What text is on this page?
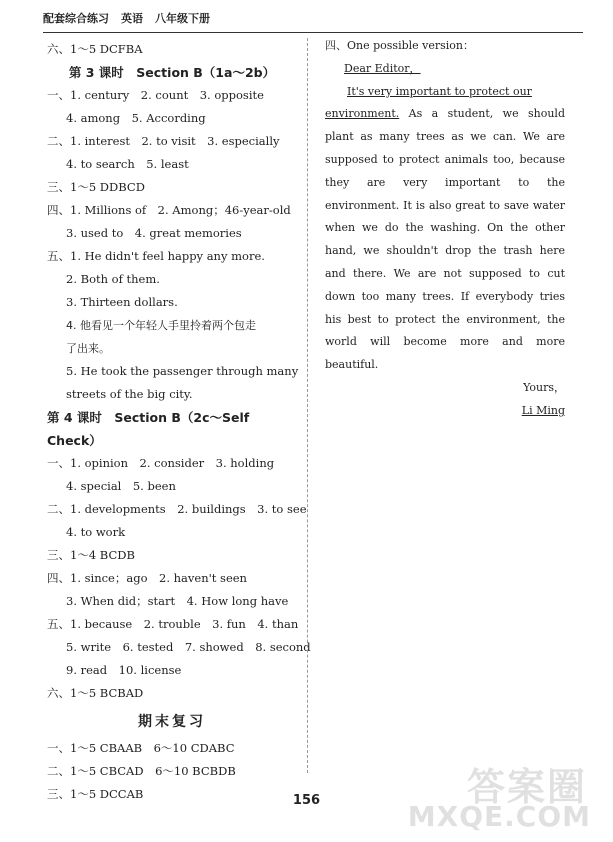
配套综合练习 英语 八年级下册
六、1～5 DCFBA
第 3 课时　Section B（1a～2b）
一、1. century　2. count　3. opposite
4. among　5. According
二、1. interest　2. to visit　3. especially
4. to search　5. least
三、1～5 DDBCD
四、1. Millions of　2. Among；46-year-old
3. used to　4. great memories
五、1. He didn't feel happy any more.
2. Both of them.
3. Thirteen dollars.
4. 他看见一个年轻人手里拎着两个包走
了出来。
5. He took the passenger through many
streets of the big city.
第 4 课时　Section B（2c～Self Check）
一、1. opinion　2. consider　3. holding
4. special　5. been
二、1. developments　2. buildings　3. to see
4. to work
三、1～4 BCDB
四、1. since；ago　2. haven't seen
3. When did；start　4. How long have
五、1. because　2. trouble　3. fun　4. than
5. write　6. tested　7. showed　8. second
9. read　10. license
六、1～5 BCBAD
期末复习
一、1～5 CBAAB　6～10 CDABC
二、1～5 CBCAD　6～10 BCBDB
三、1～5 DCCAB
四、One possible version：
Dear Editor，
It's very important to protect our
environment. As a student, we should
plant as many trees as we can. We are
supposed to protect animals too, because
they are very important to the
environment. It is also great to save water
when we do the washing. On the other
hand, we shouldn't drop the trash here
and there. We are not supposed to cut
down too many trees. If everybody tries
his best to protect the environment, the
world will become more and more
beautiful.
Yours，
Li Ming
156	答案圈
MXQE.COM
